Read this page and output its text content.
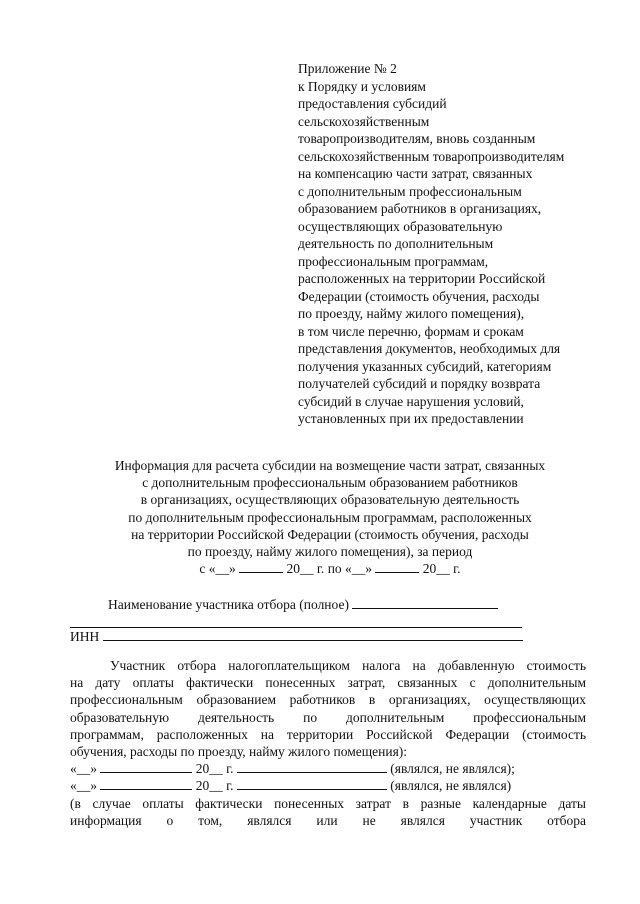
Приложение № 2
к Порядку и условиям
предоставления субсидий
сельскохозяйственным
товаропроизводителям, вновь созданным
сельскохозяйственным товаропроизводителям
на компенсацию части затрат, связанных
с дополнительным профессиональным
образованием работников в организациях,
осуществляющих образовательную
деятельность по дополнительным
профессиональным программам,
расположенных на территории Российской
Федерации (стоимость обучения, расходы
по проезду, найму жилого помещения),
в том числе перечню, формам и срокам
представления документов, необходимых для
получения указанных субсидий, категориям
получателей субсидий и порядку возврата
субсидий в случае нарушения условий,
установленных при их предоставлении
Информация для расчета субсидии на возмещение части затрат, связанных
с дополнительным профессиональным образованием работников
в организациях, осуществляющих образовательную деятельность
по дополнительным профессиональным программам, расположенных
на территории Российской Федерации (стоимость обучения, расходы
по проезду, найму жилого помещения), за период
с «__»	20__ г. по «__»	20__ г.
Наименование участника отбора (полное)
ИНН
Участник отбора налогоплательщиком налога на добавленную стоимость
на дату оплаты фактически понесенных затрат, связанных с дополнительным
профессиональным образованием работников в организациях, осуществляющих
образовательную деятельность по дополнительным профессиональным
программам, расположенных на территории Российской Федерации (стоимость
обучения, расходы по проезду, найму жилого помещения):
«__»	20__ г.	(являлся, не являлся);
«__»	20__ г.	(являлся, не являлся)
(в случае оплаты фактически понесенных затрат в разные календарные даты
информация о том, являлся или не являлся участник отбора
